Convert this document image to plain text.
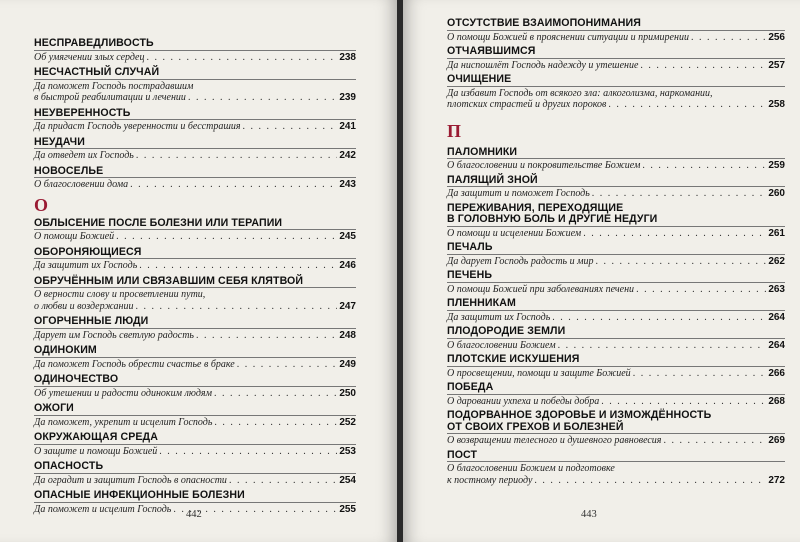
НЕСПРАВЕДЛИВОСТЬ
Об умягчении злых сердец . . .	238
НЕСЧАСТНЫЙ СЛУЧАЙ
Да поможет Господь пострадавшим
в быстрой реабилитации и лечении . . .	239
НЕУВЕРЕННОСТЬ
Да придаст Господь уверенности и бесстрашия . . .	241
НЕУДАЧИ
Да отведет их Господь . . .	242
НОВОСЕЛЬЕ
О благословении дома . . .	243
О
ОБЛЫСЕНИЕ ПОСЛЕ БОЛЕЗНИ ИЛИ ТЕРАПИИ
О помощи Божией . . .	245
ОБОРОНЯЮЩИЕСЯ
Да защитит их Господь . . .	246
ОБРУЧЁННЫМ ИЛИ СВЯЗАВШИМ СЕБЯ КЛЯТВОЙ
О верности слову и просветлении пути,
о любви и воздержании . . .	247
ОГОРЧЕННЫЕ ЛЮДИ
Дарует им Господь светлую радость . . .	248
ОДИНОКИМ
Да поможет Господь обрести счастье в браке . . .	249
ОДИНОЧЕСТВО
Об утешении и радости одиноким людям . . .	250
ОЖОГИ
Да поможет, укрепит и исцелит Господь . . .	252
ОКРУЖАЮЩАЯ СРЕДА
О защите и помощи Божией . . .	253
ОПАСНОСТЬ
Да оградит и защитит Господь в опасности . . .	254
ОПАСНЫЕ ИНФЕКЦИОННЫЕ БОЛЕЗНИ
Да поможет и исцелит Господь . . .	255
442
ОТСУТСТВИЕ ВЗАИМОПОНИМАНИЯ
О помощи Божией в прояснении ситуации и примирении . . .	256
ОТЧАЯВШИМСЯ
Да ниспошлёт Господь надежду и утешение . . .	257
ОЧИЩЕНИЕ
Да избавит Господь от всякого зла: алкоголизма, наркомании,
плотских страстей и других пороков . . .	258
П
ПАЛОМНИКИ
О благословении и покровительстве Божием . . .	259
ПАЛЯЩИЙ ЗНОЙ
Да защитит и поможет Господь . . .	260
ПЕРЕЖИВАНИЯ, ПЕРЕХОДЯЩИЕ
В ГОЛОВНУЮ БОЛЬ И ДРУГИЕ НЕДУГИ
О помощи и исцелении Божием . . .	261
ПЕЧАЛЬ
Да дарует Господь радость и мир . . .	262
ПЕЧЕНЬ
О помощи Божией при заболеваниях печени . . .	263
ПЛЕННИКАМ
Да защитит их Господь . . .	264
ПЛОДОРОДИЕ ЗЕМЛИ
О благословении Божием . . .	264
ПЛОТСКИЕ ИСКУШЕНИЯ
О просвещении, помощи и защите Божией . . .	266
ПОБЕДА
О даровании ухпеха и победы добра . . .	268
ПОДОРВАННОЕ ЗДОРОВЬЕ И ИЗМОЖДЁННОСТЬ
ОТ СВОИХ ГРЕХОВ И БОЛЕЗНЕЙ
О возвращении телесного и душевного равновесия . . .	269
ПОСТ
О благословении Божием и подготовке
к постному периоду . . .	272
443
